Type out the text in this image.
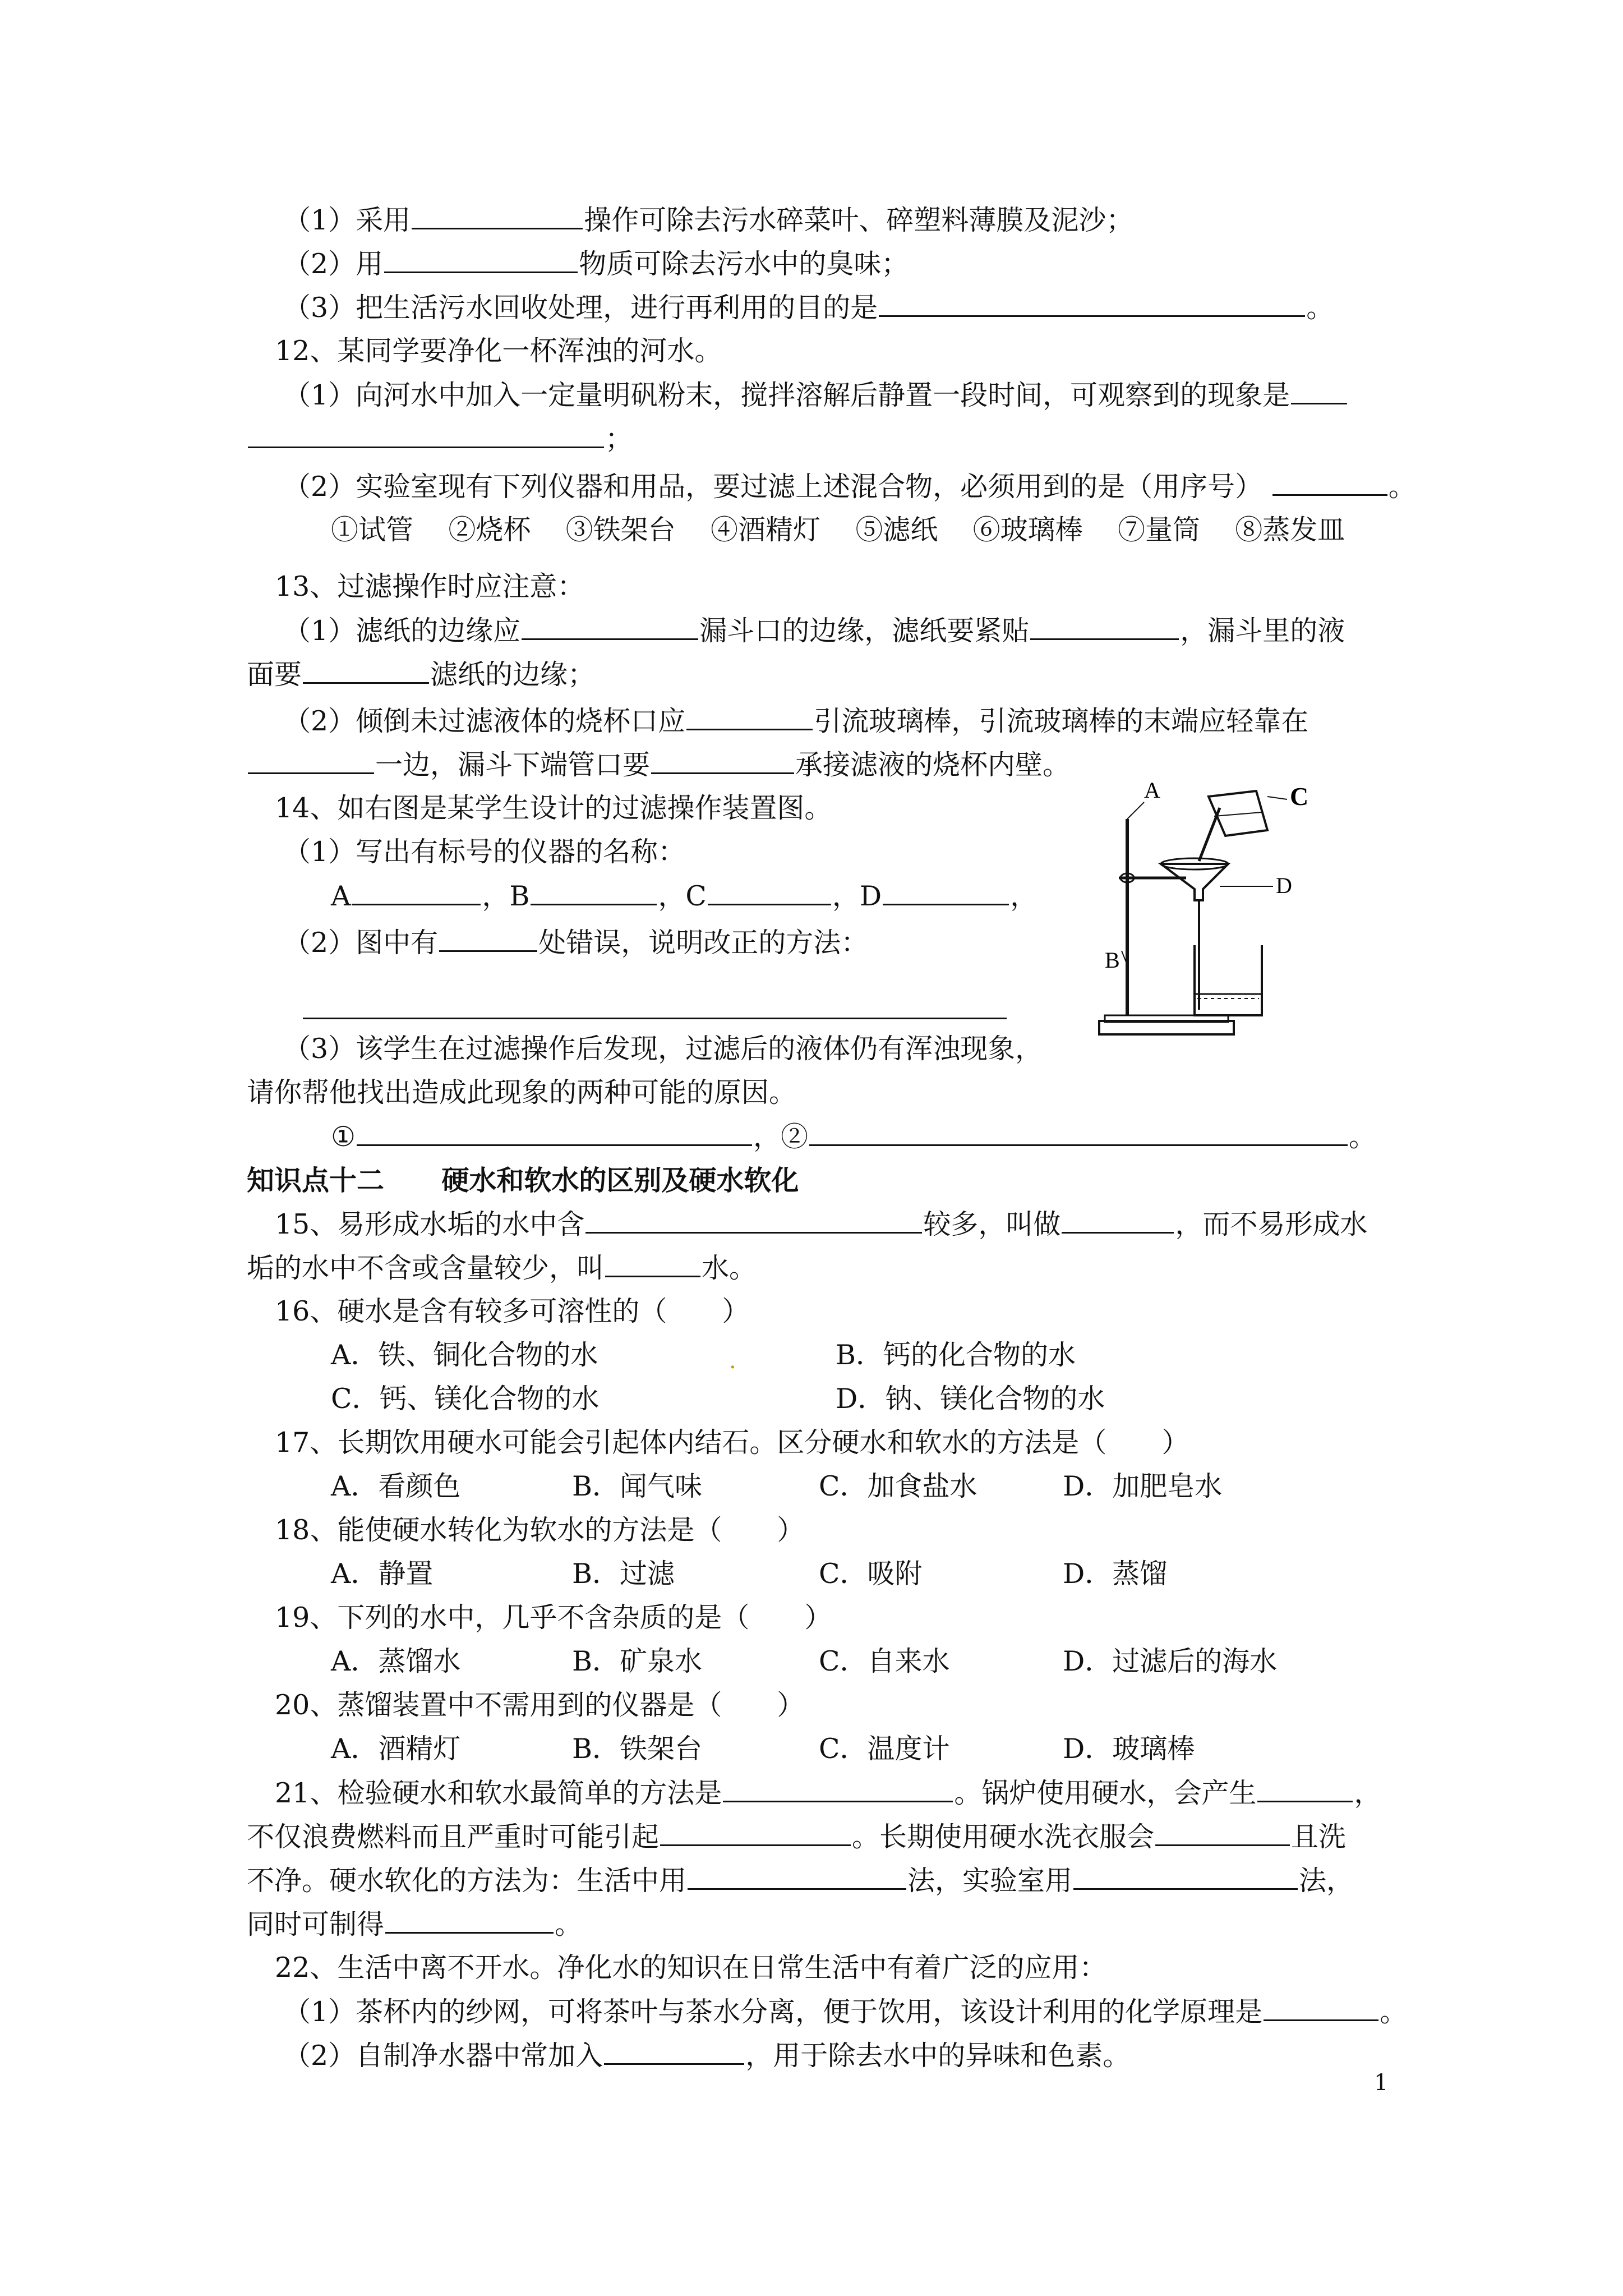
（1）采用	操作可除去污水碎菜叶、碎塑料薄膜及泥沙；
（2）用	物质可除去污水中的臭味；
（3）把生活污水回收处理，进行再利用的目的是	。
12、某同学要净化一杯浑浊的河水。
（1）向河水中加入一定量明矾粉末，搅拌溶解后静置一段时间，可观察到的现象是
；
（2）实验室现有下列仪器和用品，要过滤上述混合物，必须用到的是（用序号）	。
①试管 ②烧杯 ③铁架台 ④酒精灯 ⑤滤纸 ⑥玻璃棒 ⑦量筒 ⑧蒸发皿
13、过滤操作时应注意：
（1）滤纸的边缘应	漏斗口的边缘，滤纸要紧贴	，漏斗里的液
面要	滤纸的边缘；
（2）倾倒未过滤液体的烧杯口应	引流玻璃棒，引流玻璃棒的末端应轻靠在
一边，漏斗下端管口要	承接滤液的烧杯内壁。
14、如右图是某学生设计的过滤操作装置图。
（1）写出有标号的仪器的名称：
A	，B	，C	，D	，
（2）图中有	处错误，说明改正的方法：
（3）该学生在过滤操作后发现，过滤后的液体仍有浑浊现象，
请你帮他找出造成此现象的两种可能的原因。
①	，②	。
A
B
C
D
知识点十二 硬水和软水的区别及硬水软化
15、易形成水垢的水中含	较多，叫做	，而不易形成水
垢的水中不含或含量较少，叫	水。
16、硬水是含有较多可溶性的（　　）
A．铁、铜化合物的水	.	B．钙的化合物的水
C．钙、镁化合物的水	D．钠、镁化合物的水
17、长期饮用硬水可能会引起体内结石。区分硬水和软水的方法是（　　）
A．看颜色	B．闻气味	C．加食盐水	D．加肥皂水
18、能使硬水转化为软水的方法是（　　）
A．静置	B．过滤	C．吸附	D．蒸馏
19、下列的水中，几乎不含杂质的是（　　）
A．蒸馏水	B．矿泉水	C．自来水	D．过滤后的海水
20、蒸馏装置中不需用到的仪器是（　　）
A．酒精灯	B．铁架台	C．温度计	D．玻璃棒
21、检验硬水和软水最简单的方法是	。锅炉使用硬水，会产生	，
不仅浪费燃料而且严重时可能引起	。长期使用硬水洗衣服会	且洗
不净。硬水软化的方法为：生活中用	法，实验室用	法，
同时可制得	。
22、生活中离不开水。净化水的知识在日常生活中有着广泛的应用：
（1）茶杯内的纱网，可将茶叶与茶水分离，便于饮用，该设计利用的化学原理是	。
（2）自制净水器中常加入	，用于除去水中的异味和色素。
1
